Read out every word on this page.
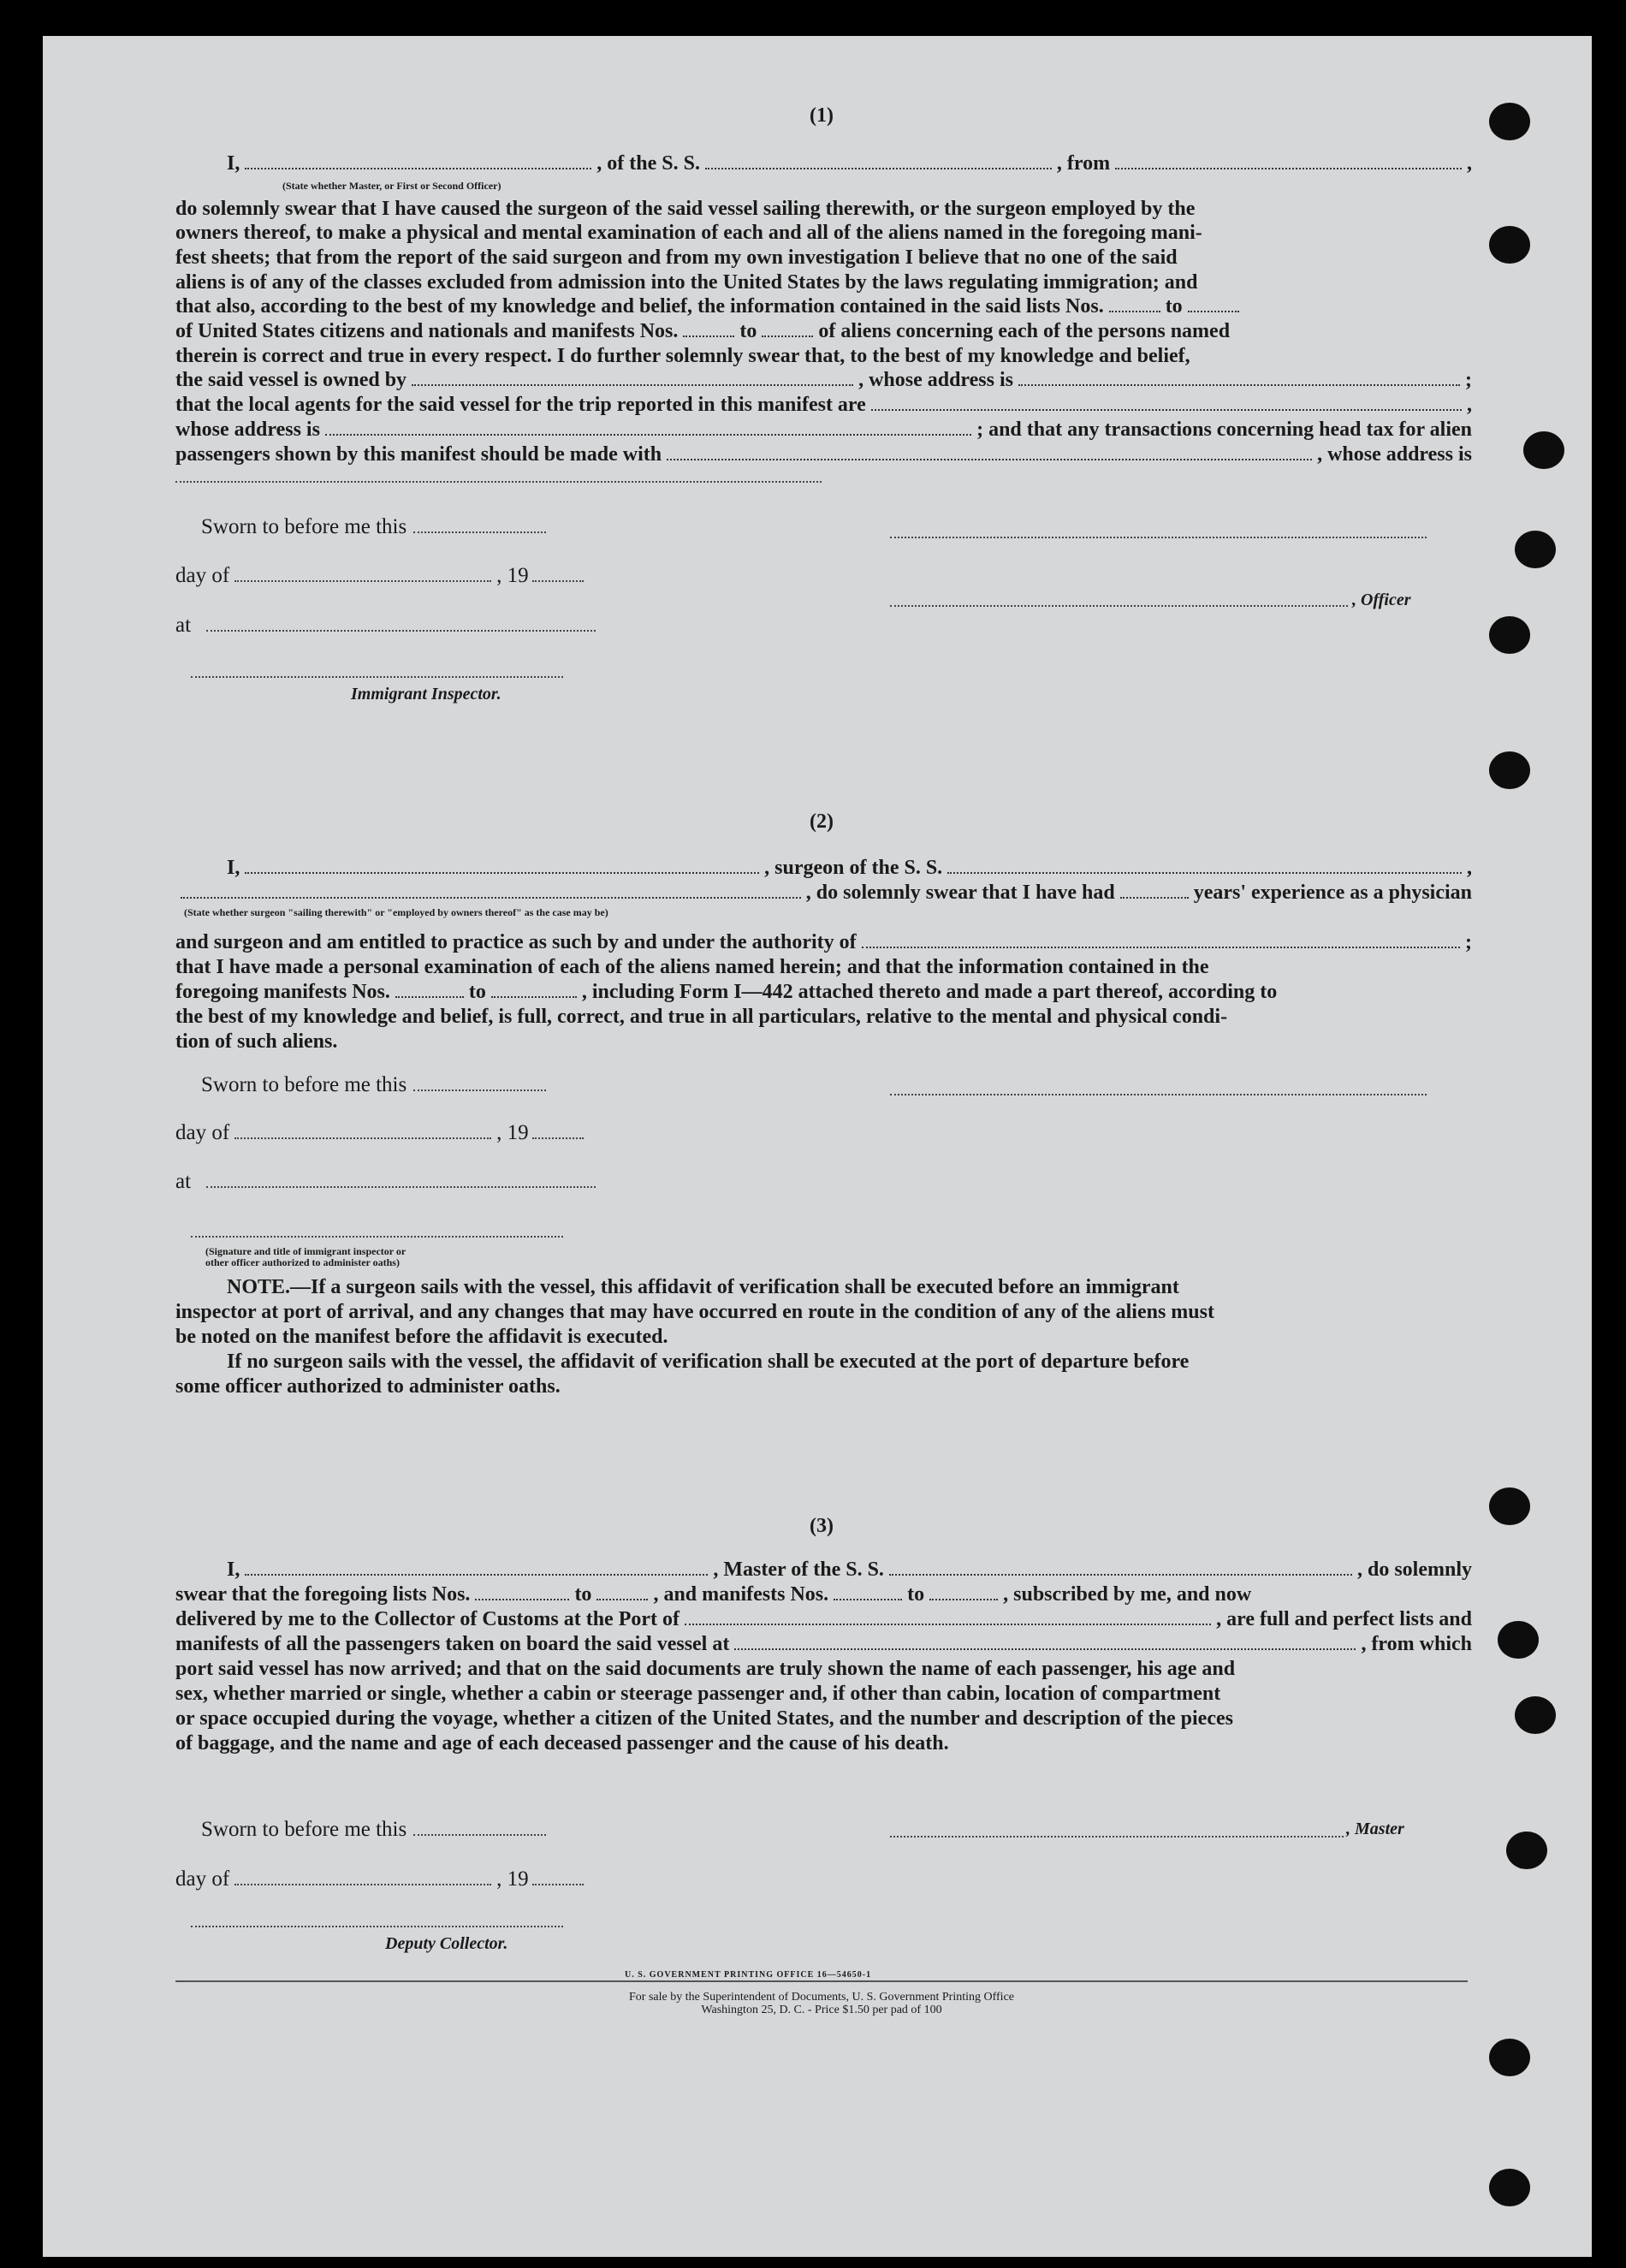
(1)
I,	, of the S. S.	, from	,
(State whether Master, or First or Second Officer)
do solemnly swear that I have caused the surgeon of the said vessel sailing therewith, or the surgeon employed by the
owners thereof, to make a physical and mental examination of each and all of the aliens named in the foregoing mani-
fest sheets; that from the report of the said surgeon and from my own investigation I believe that no one of the said
aliens is of any of the classes excluded from admission into the United States by the laws regulating immigration; and
that also, according to the best of my knowledge and belief, the information contained in the said lists Nos.	to
of United States citizens and nationals and manifests Nos.	to	of aliens concerning each of the persons named
therein is correct and true in every respect. I do further solemnly swear that, to the best of my knowledge and belief,
the said vessel is owned by	, whose address is	;
that the local agents for the said vessel for the trip reported in this manifest are	,
whose address is	; and that any transactions concerning head tax for alien
passengers shown by this manifest should be made with	, whose address is
Sworn to before me this
day of	, 19
at
Immigrant Inspector.
, Officer
(2)
I,	, surgeon of the S. S.	,
, do solemnly swear that I have had	years' experience as a physician
(State whether surgeon "sailing therewith" or "employed by owners thereof" as the case may be)
and surgeon and am entitled to practice as such by and under the authority of	;
that I have made a personal examination of each of the aliens named herein; and that the information contained in the
foregoing manifests Nos.	to	, including Form I—442 attached thereto and made a part thereof, according to
the best of my knowledge and belief, is full, correct, and true in all particulars, relative to the mental and physical condi-
tion of such aliens.
Sworn to before me this
day of	, 19
at
(Signature and title of immigrant inspector or
other officer authorized to administer oaths)
NOTE.—If a surgeon sails with the vessel, this affidavit of verification shall be executed before an immigrant
inspector at port of arrival, and any changes that may have occurred en route in the condition of any of the aliens must
be noted on the manifest before the affidavit is executed.
If no surgeon sails with the vessel, the affidavit of verification shall be executed at the port of departure before
some officer authorized to administer oaths.
(3)
I,	, Master of the S. S.	, do solemnly
swear that the foregoing lists Nos.	to	, and manifests Nos.	to	, subscribed by me, and now
delivered by me to the Collector of Customs at the Port of	, are full and perfect lists and
manifests of all the passengers taken on board the said vessel at	, from which
port said vessel has now arrived; and that on the said documents are truly shown the name of each passenger, his age and
sex, whether married or single, whether a cabin or steerage passenger and, if other than cabin, location of compartment
or space occupied during the voyage, whether a citizen of the United States, and the number and description of the pieces
of baggage, and the name and age of each deceased passenger and the cause of his death.
Sworn to before me this
day of	, 19
Deputy Collector.
, Master
U. S. GOVERNMENT PRINTING OFFICE 16—54650-1
For sale by the Superintendent of Documents, U. S. Government Printing Office
Washington 25, D. C. - Price $1.50 per pad of 100
